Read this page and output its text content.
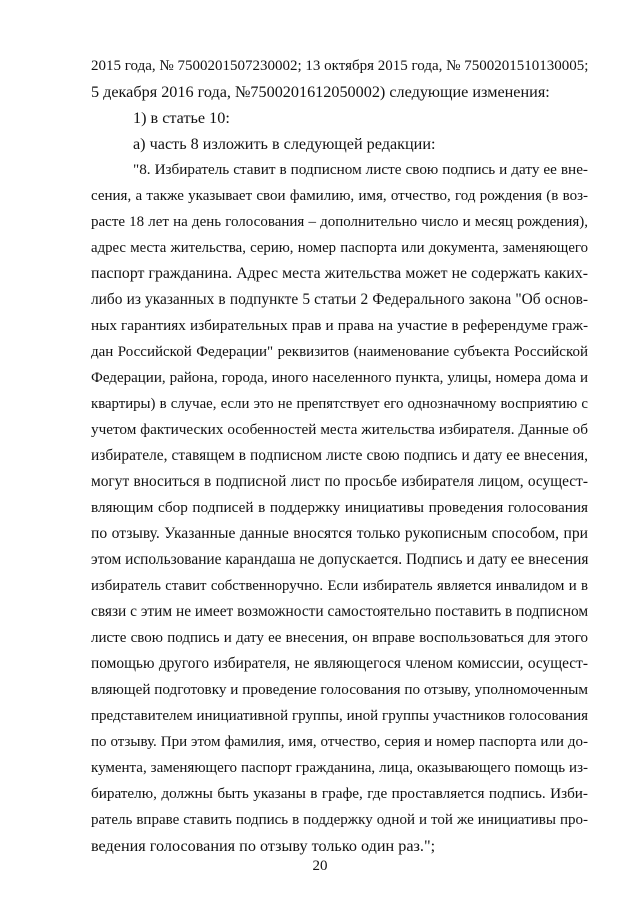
2015 года, № 7500201507230002; 13 октября 2015 года, № 7500201510130005;
5 декабря 2016 года, №7500201612050002) следующие изменения:
1) в статье 10:
а) часть 8 изложить в следующей редакции:
"8. Избиратель ставит в подписном листе свою подпись и дату ее вне-
сения, а также указывает свои фамилию, имя, отчество, год рождения (в воз-
расте 18 лет на день голосования – дополнительно число и месяц рождения),
адрес места жительства, серию, номер паспорта или документа, заменяющего
паспорт гражданина. Адрес места жительства может не содержать каких-
либо из указанных в подпункте 5 статьи 2 Федерального закона "Об основ-
ных гарантиях избирательных прав и права на участие в референдуме граж-
дан Российской Федерации" реквизитов (наименование субъекта Российской
Федерации, района, города, иного населенного пункта, улицы, номера дома и
квартиры) в случае, если это не препятствует его однозначному восприятию с
учетом фактических особенностей места жительства избирателя. Данные об
избирателе, ставящем в подписном листе свою подпись и дату ее внесения,
могут вноситься в подписной лист по просьбе избирателя лицом, осущест-
вляющим сбор подписей в поддержку инициативы проведения голосования
по отзыву. Указанные данные вносятся только рукописным способом, при
этом использование карандаша не допускается. Подпись и дату ее внесения
избиратель ставит собственноручно. Если избиратель является инвалидом и в
связи с этим не имеет возможности самостоятельно поставить в подписном
листе свою подпись и дату ее внесения, он вправе воспользоваться для этого
помощью другого избирателя, не являющегося членом комиссии, осущест-
вляющей подготовку и проведение голосования по отзыву, уполномоченным
представителем инициативной группы, иной группы участников голосования
по отзыву. При этом фамилия, имя, отчество, серия и номер паспорта или до-
кумента, заменяющего паспорт гражданина, лица, оказывающего помощь из-
бирателю, должны быть указаны в графе, где проставляется подпись. Изби-
ратель вправе ставить подпись в поддержку одной и той же инициативы про-
ведения голосования по отзыву только один раз.";
20
